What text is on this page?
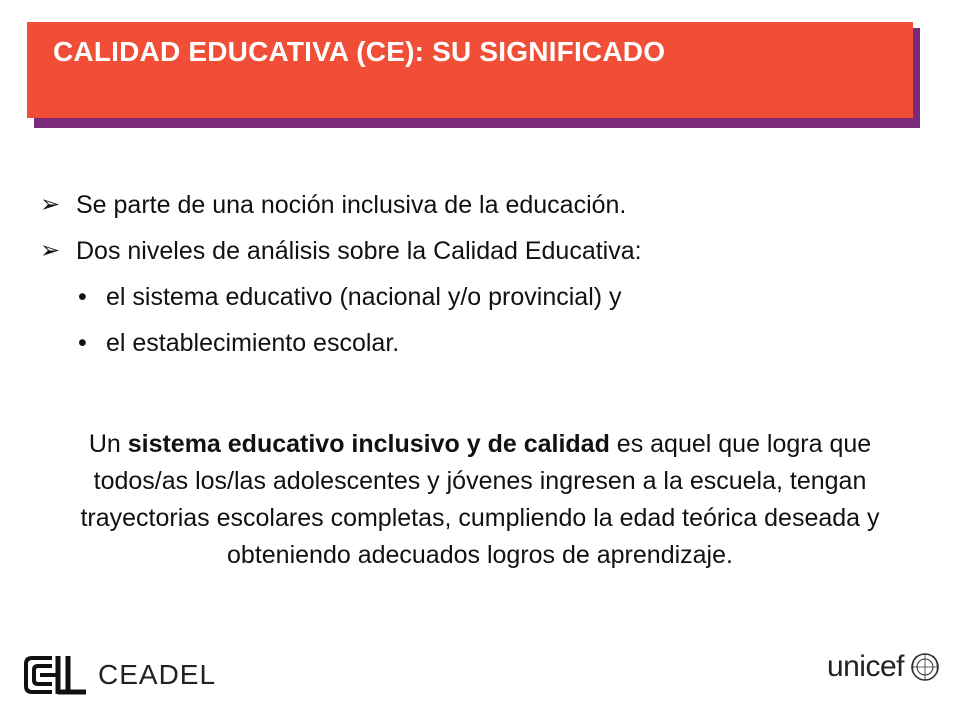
CALIDAD EDUCATIVA (CE): SU SIGNIFICADO
➢ Se parte de una noción inclusiva de la educación.
➢ Dos niveles de análisis sobre la Calidad Educativa:
• el sistema educativo (nacional y/o provincial) y
• el establecimiento escolar.
Un sistema educativo inclusivo y de calidad es aquel que logra que todos/as los/las adolescentes y jóvenes ingresen a la escuela, tengan trayectorias escolares completas, cumpliendo la edad teórica deseada y obteniendo adecuados logros de aprendizaje.
CEADEL	unicef
